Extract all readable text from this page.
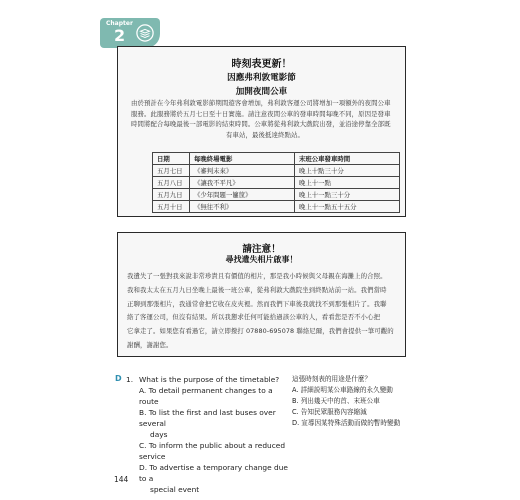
Chapter
2
時刻表更新！
因應弗利敦電影節
加開夜間公車
由於預計在今年弗利敦電影節期間遊客會增加，弗利敦客運公司將增加一項額外的夜間公車
服務。此服務將於五月七日至十日實施。請注意夜間公車的發車時間每晚不同，原因是發車
時間將配合每晚最後一部電影的結束時間。公車將從弗利敦大戲院出發，並沿途停靠全部既
有車站，最後抵達終點站。
日期	每晚終場電影	末班公車發車時間
五月七日	《審判未來》	晚上十點三十分
五月八日	《讓我不平凡》	晚上十一點
五月九日	《少年問題一籮筐》	晚上十一點三十分
五月十日	《無往不利》	晚上十一點五十五分
請注意！
尋找遺失相片啟事！
我遺失了一張對我來說非常珍貴且有價值的相片，那是我小時候與父母親在海灘上的合照。
我和我太太在五月九日坐晚上最後一班公車，從弗利敦大戲院坐到終點站前一站。我們當時
正聊到那張相片，我通常會把它收在皮夾裡。然而我們下車後我就找不到那張相片了。我聯
絡了客運公司，但沒有結果。所以我懇求任何可能拾過該公車的人，看看您是否不小心把
它拿走了。如果您有看過它，請立即撥打 07880-695078 聯絡尼爾，我們會提供一筆可觀的
謝酬，謝謝您。
D 1. What is the purpose of the timetable?
A. To detail permanent changes to a route
B. To list the first and last buses over several
days
C. To inform the public about a reduced service
D. To advertise a temporary change due to a
special event
這張時刻表的用途是什麼？
A. 詳細説明某公車路線的永久變動
B. 列出幾天中的首、末班公車
C. 告知民眾服務內容縮減
D. 宣導因某特殊活動而做的暫時變動
144
